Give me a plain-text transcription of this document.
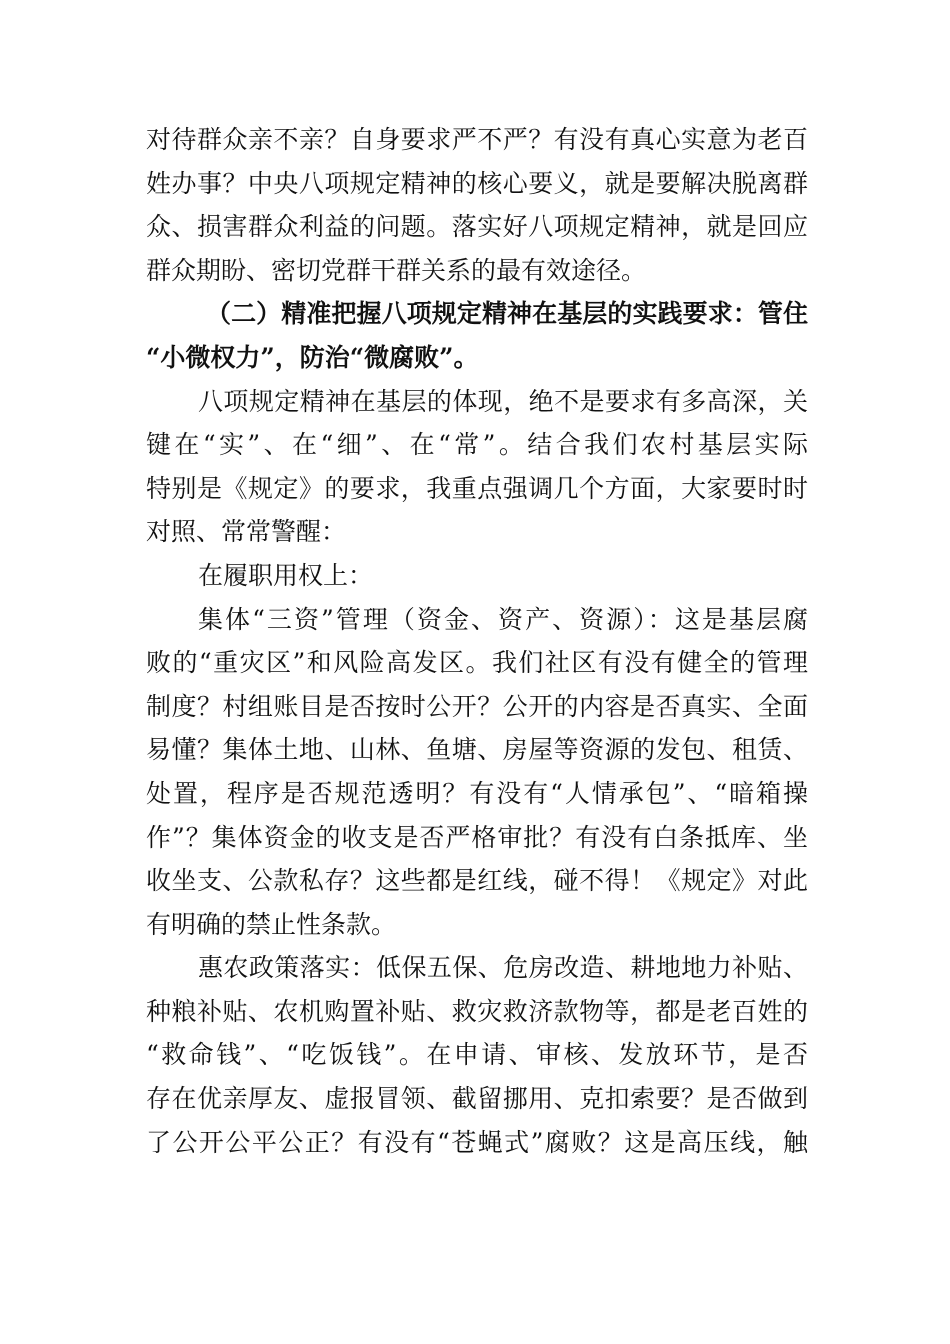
对待群众亲不亲？自身要求严不严？有没有真心实意为老百
姓办事？中央八项规定精神的核心要义，就是要解决脱离群
众、损害群众利益的问题。落实好八项规定精神，就是回应
群众期盼、密切党群干群关系的最有效途径。
（二）精准把握八项规定精神在基层的实践要求：管住
“小微权力”，防治“微腐败”。
八项规定精神在基层的体现，绝不是要求有多高深，关
键在“实”、在“细”、在“常”。结合我们农村基层实际
特别是《规定》的要求，我重点强调几个方面，大家要时时
对照、常常警醒：
在履职用权上：
集体“三资”管理（资金、资产、资源）：这是基层腐
败的“重灾区”和风险高发区。我们社区有没有健全的管理
制度？村组账目是否按时公开？公开的内容是否真实、全面
易懂？集体土地、山林、鱼塘、房屋等资源的发包、租赁、
处置，程序是否规范透明？有没有“人情承包”、“暗箱操
作”？集体资金的收支是否严格审批？有没有白条抵库、坐
收坐支、公款私存？这些都是红线，碰不得！《规定》对此
有明确的禁止性条款。
惠农政策落实：低保五保、危房改造、耕地地力补贴、
种粮补贴、农机购置补贴、救灾救济款物等，都是老百姓的
“救命钱”、“吃饭钱”。在申请、审核、发放环节，是否
存在优亲厚友、虚报冒领、截留挪用、克扣索要？是否做到
了公开公平公正？有没有“苍蝇式”腐败？这是高压线，触
